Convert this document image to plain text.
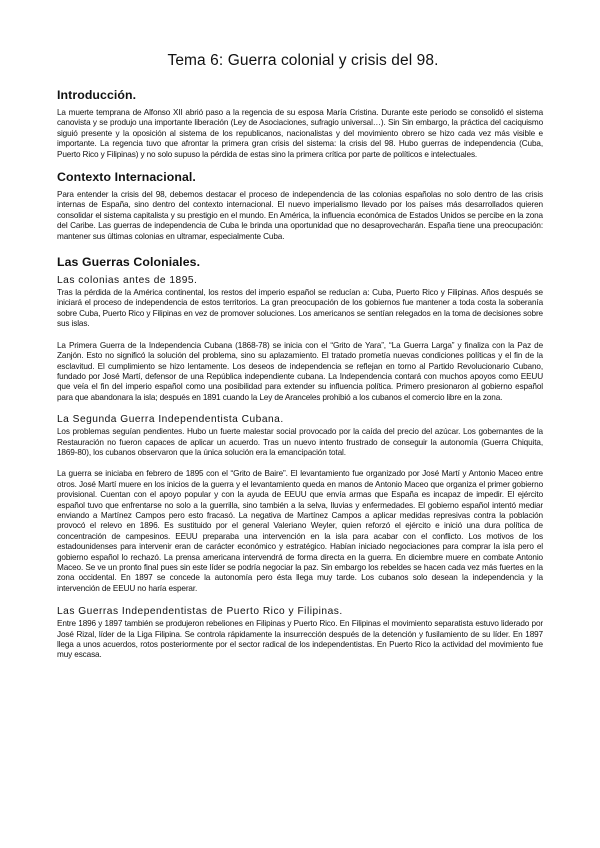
Tema 6: Guerra colonial y crisis del 98.
Introducción.

La muerte temprana de Alfonso XII abrió paso a la regencia de su esposa María Cristina. Durante este periodo se consolidó el sistema canovista y se produjo una importante liberación (Ley de Asociaciones, sufragio universal…). Sin Sin embargo, la práctica del caciquismo siguió presente y la oposición al sistema de los republicanos, nacionalistas y del movimiento obrero se hizo cada vez más visible e importante. La regencia tuvo que afrontar la primera gran crisis del sistema: la crisis del 98. Hubo guerras de independencia (Cuba, Puerto Rico y Filipinas) y no solo supuso la pérdida de estas sino la primera crítica por parte de políticos e intelectuales.

Contexto Internacional.

Para entender la crisis del 98, debemos destacar el proceso de independencia de las colonias españolas no solo dentro de las crisis internas de España, sino dentro del contexto internacional. El nuevo imperialismo llevado por los países más desarrollados quieren consolidar el sistema capitalista y su prestigio en el mundo. En América, la influencia económica de Estados Unidos se percibe en la zona del Caribe. Las guerras de independencia de Cuba le brinda una oportunidad que no desaprovecharán. España tiene una preocupación: mantener sus últimas colonias en ultramar, especialmente Cuba.

Las Guerras Coloniales.
Las colonias antes de 1895.

Tras la pérdida de la América continental, los restos del imperio español se reducían a: Cuba, Puerto Rico y Filipinas. Años después se iniciará el proceso de independencia de estos territorios. La gran preocupación de los gobiernos fue mantener a toda costa la soberanía sobre Cuba, Puerto Rico y Filipinas en vez de promover soluciones. Los americanos se sentían relegados en la toma de decisiones sobre sus islas.

La Primera Guerra de la Independencia Cubana (1868-78) se inicia con el “Grito de Yara”, “La Guerra Larga” y finaliza con la Paz de Zanjón. Esto no significó la solución del problema, sino su aplazamiento. El tratado prometía nuevas condiciones políticas y el fin de la esclavitud. El cumplimiento se hizo lentamente. Los deseos de independencia se reflejan en torno al Partido Revolucionario Cubano, fundado por José Martí, defensor de una República independiente cubana. La Independencia contará con muchos apoyos como EEUU que veía el fin del imperio español como una posibilidad para extender su influencia política. Primero presionaron al gobierno español para que abandonara la isla; después en 1891 cuando la Ley de Aranceles prohibió a los cubanos el comercio libre en la zona.

La Segunda Guerra Independentista Cubana.

Los problemas seguían pendientes. Hubo un fuerte malestar social provocado por la caída del precio del azúcar. Los gobernantes de la Restauración no fueron capaces de aplicar un acuerdo. Tras un nuevo intento frustrado de conseguir la autonomía (Guerra Chiquita, 1869-80), los cubanos observaron que la única solución era la emancipación total.

La guerra se iniciaba en febrero de 1895 con el “Grito de Baire”. El levantamiento fue organizado por José Martí y Antonio Maceo entre otros. José Martí muere en los inicios de la guerra y el levantamiento queda en manos de Antonio Maceo que organiza el primer gobierno provisional. Cuentan con el apoyo popular y con la ayuda de EEUU que envía armas que España es incapaz de impedir. El ejército español tuvo que enfrentarse no solo a la guerrilla, sino también a la selva, lluvias y enfermedades. El gobierno español intentó mediar enviando a Martínez Campos pero esto fracasó. La negativa de Martínez Campos a aplicar medidas represivas contra la población provocó el relevo en 1896. Es sustituido por el general Valeriano Weyler, quien reforzó el ejército e inició una dura política de concentración de campesinos. EEUU preparaba una intervención en la isla para acabar con el conflicto. Los motivos de los estadounidenses para intervenir eran de carácter económico y estratégico. Habían iniciado negociaciones para comprar la isla pero el gobierno español lo rechazó. La prensa americana intervendrá de forma directa en la guerra. En diciembre muere en combate Antonio Maceo. Se ve un pronto final pues sin este líder se podría negociar la paz. Sin embargo los rebeldes se hacen cada vez más fuertes en la zona occidental. En 1897 se concede la autonomía pero ésta llega muy tarde. Los cubanos solo desean la independencia y la intervención de EEUU no haría esperar.

Las Guerras Independentistas de Puerto Rico y Filipinas.

Entre 1896 y 1897 también se produjeron rebeliones en Filipinas y Puerto Rico. En Filipinas el movimiento separatista estuvo liderado por José Rizal, líder de la Liga Filipina. Se controla rápidamente la insurrección después de la detención y fusilamiento de su líder. En 1897 llega a unos acuerdos, rotos posteriormente por el sector radical de los independentistas. En Puerto Rico la actividad del movimiento fue muy escasa.
